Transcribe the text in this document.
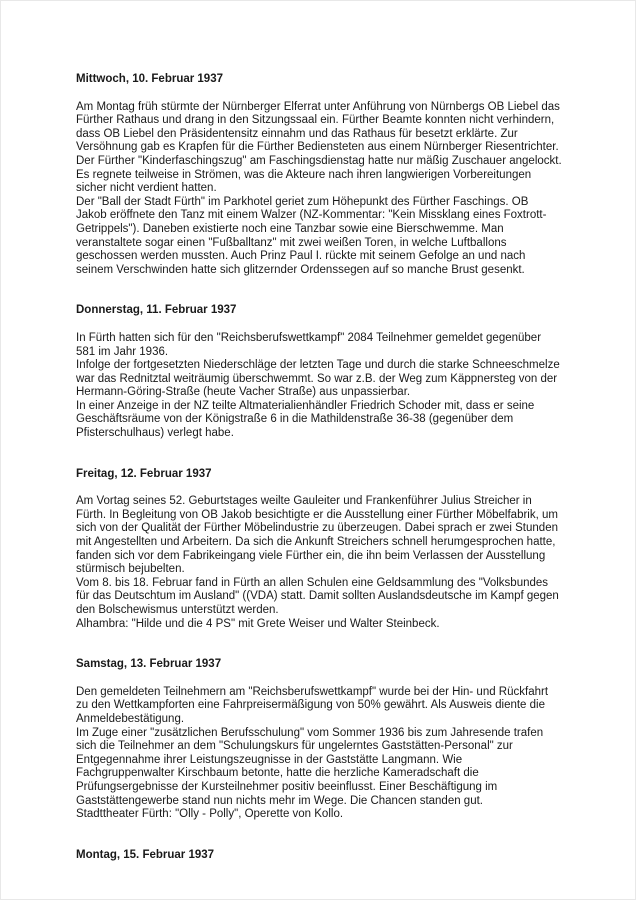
Mittwoch, 10. Februar 1937

Am Montag früh stürmte der Nürnberger Elferrat unter Anführung von Nürnbergs OB Liebel das Fürther Rathaus und drang in den Sitzungssaal ein. Fürther Beamte konnten nicht verhindern, dass OB Liebel den Präsidentensitz einnahm und das Rathaus für besetzt erklärte. Zur Versöhnung gab es Krapfen für die Fürther Bediensteten aus einem Nürnberger Riesentrichter.

Der Fürther "Kinderfaschingszug" am Faschingsdienstag hatte nur mäßig Zuschauer angelockt. Es regnete teilweise in Strömen, was die Akteure nach ihren langwierigen Vorbereitungen sicher nicht verdient hatten.

Der "Ball der Stadt Fürth" im Parkhotel geriet zum Höhepunkt des Fürther Faschings. OB Jakob eröffnete den Tanz mit einem Walzer (NZ-Kommentar: "Kein Missklang eines Foxtrott-Getrippels"). Daneben existierte noch eine Tanzbar sowie eine Bierschwemme. Man veranstaltete sogar einen "Fußballtanz" mit zwei weißen Toren, in welche Luftballons geschossen werden mussten. Auch Prinz Paul I. rückte mit seinem Gefolge an und nach seinem Verschwinden hatte sich glitzernder Ordenssegen auf so manche Brust gesenkt.

Donnerstag, 11. Februar 1937

In Fürth hatten sich für den "Reichsberufswettkampf" 2084 Teilnehmer gemeldet gegenüber 581 im Jahr 1936.

Infolge der fortgesetzten Niederschläge der letzten Tage und durch die starke Schneeschmelze war das Rednitztal weiträumig überschwemmt. So war z.B. der Weg zum Käppnersteg von der Hermann-Göring-Straße (heute Vacher Straße) aus unpassierbar.

In einer Anzeige in der NZ teilte Altmaterialienhändler Friedrich Schoder mit, dass er seine Geschäftsräume von der Königstraße 6 in die Mathildenstraße 36-38 (gegenüber dem Pfisterschulhaus) verlegt habe.

Freitag, 12. Februar 1937

Am Vortag seines 52. Geburtstages weilte Gauleiter und Frankenführer Julius Streicher in Fürth. In Begleitung von OB Jakob besichtigte er die Ausstellung einer Fürther Möbelfabrik, um sich von der Qualität der Fürther Möbelindustrie zu überzeugen. Dabei sprach er zwei Stunden mit Angestellten und Arbeitern. Da sich die Ankunft Streichers schnell herumgesprochen hatte, fanden sich vor dem Fabrikeingang viele Fürther ein, die ihn beim Verlassen der Ausstellung stürmisch bejubelten.

Vom 8. bis 18. Februar fand in Fürth an allen Schulen eine Geldsammlung des "Volksbundes für das Deutschtum im Ausland" ((VDA) statt. Damit sollten Auslandsdeutsche im Kampf gegen den Bolschewismus unterstützt werden.

Alhambra: "Hilde und die 4 PS" mit Grete Weiser und Walter Steinbeck.

Samstag, 13. Februar 1937

Den gemeldeten Teilnehmern am "Reichsberufswettkampf" wurde bei der Hin- und Rückfahrt zu den Wettkampforten eine Fahrpreisermäßigung von 50% gewährt. Als Ausweis diente die Anmeldebestätigung.

Im Zuge einer "zusätzlichen Berufsschulung" vom Sommer 1936 bis zum Jahresende trafen sich die Teilnehmer an dem "Schulungskurs für ungelerntes Gaststätten-Personal" zur Entgegennahme ihrer Leistungszeugnisse in der Gaststätte Langmann. Wie Fachgruppenwalter Kirschbaum betonte, hatte die herzliche Kameradschaft die Prüfungsergebnisse der Kursteilnehmer positiv beeinflusst. Einer Beschäftigung im Gaststättengewerbe stand nun nichts mehr im Wege. Die Chancen standen gut.

Stadttheater Fürth: "Olly - Polly", Operette von Kollo.

Montag, 15. Februar 1937
